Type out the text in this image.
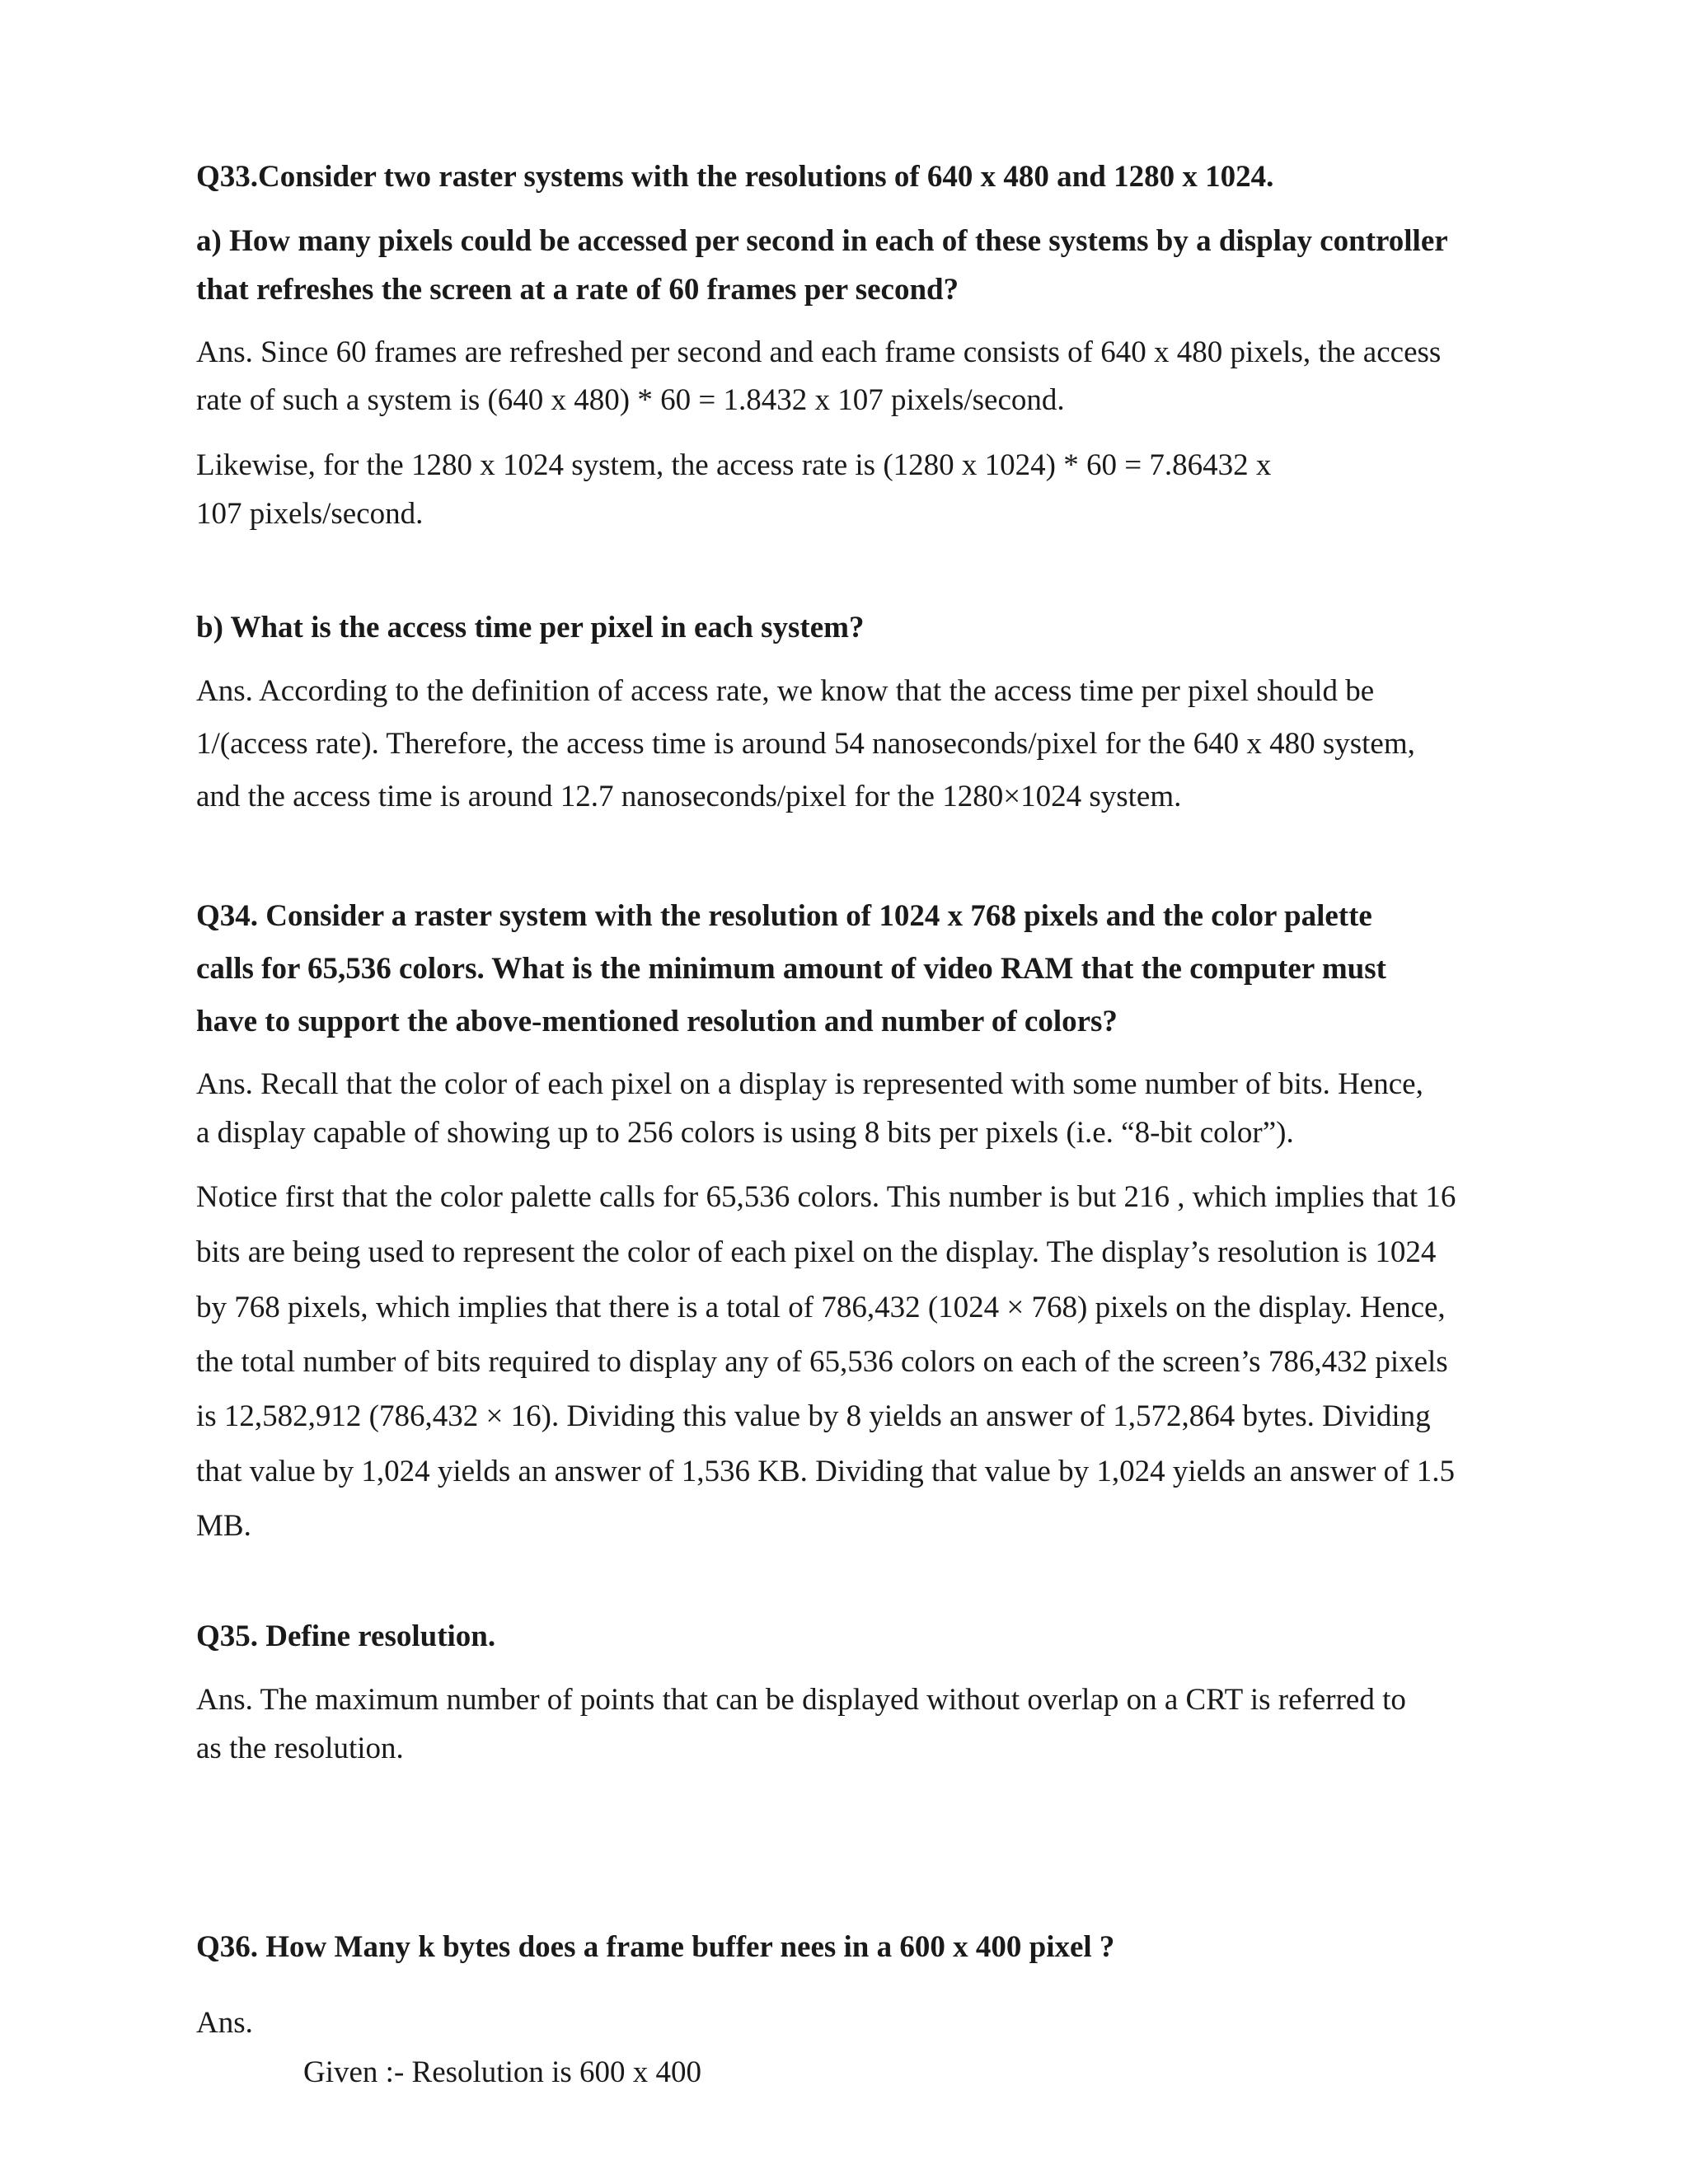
Q33.Consider two raster systems with the resolutions of 640 x 480 and 1280 x 1024.

a) How many pixels could be accessed per second in each of these systems by a display controller

that refreshes the screen at a rate of 60 frames per second?

Ans. Since 60 frames are refreshed per second and each frame consists of 640 x 480 pixels, the access

rate of such a system is (640 x 480) * 60 = 1.8432 x 107 pixels/second.

Likewise, for the 1280 x 1024 system, the access rate is (1280 x 1024) * 60 = 7.86432 x

107 pixels/second.

b) What is the access time per pixel in each system?

Ans. According to the definition of access rate, we know that the access time per pixel should be

1/(access rate). Therefore, the access time is around 54 nanoseconds/pixel for the 640 x 480 system,

and the access time is around 12.7 nanoseconds/pixel for the 1280×1024 system.

Q34. Consider a raster system with the resolution of 1024 x 768 pixels and the color palette

calls for 65,536 colors. What is the minimum amount of video RAM that the computer must

have to support the above-mentioned resolution and number of colors?

Ans. Recall that the color of each pixel on a display is represented with some number of bits. Hence,

a display capable of showing up to 256 colors is using 8 bits per pixels (i.e. “8-bit color”).

Notice first that the color palette calls for 65,536 colors. This number is but 216 , which implies that 16

bits are being used to represent the color of each pixel on the display. The display’s resolution is 1024

by 768 pixels, which implies that there is a total of 786,432 (1024 × 768) pixels on the display. Hence,

the total number of bits required to display any of 65,536 colors on each of the screen’s 786,432 pixels

is 12,582,912 (786,432 × 16). Dividing this value by 8 yields an answer of 1,572,864 bytes. Dividing

that value by 1,024 yields an answer of 1,536 KB. Dividing that value by 1,024 yields an answer of 1.5

MB.

Q35. Define resolution.

Ans. The maximum number of points that can be displayed without overlap on a CRT is referred to

as the resolution.

Q36. How Many k bytes does a frame buffer nees in a 600 x 400 pixel ?

Ans.

Given :- Resolution is 600 x 400
